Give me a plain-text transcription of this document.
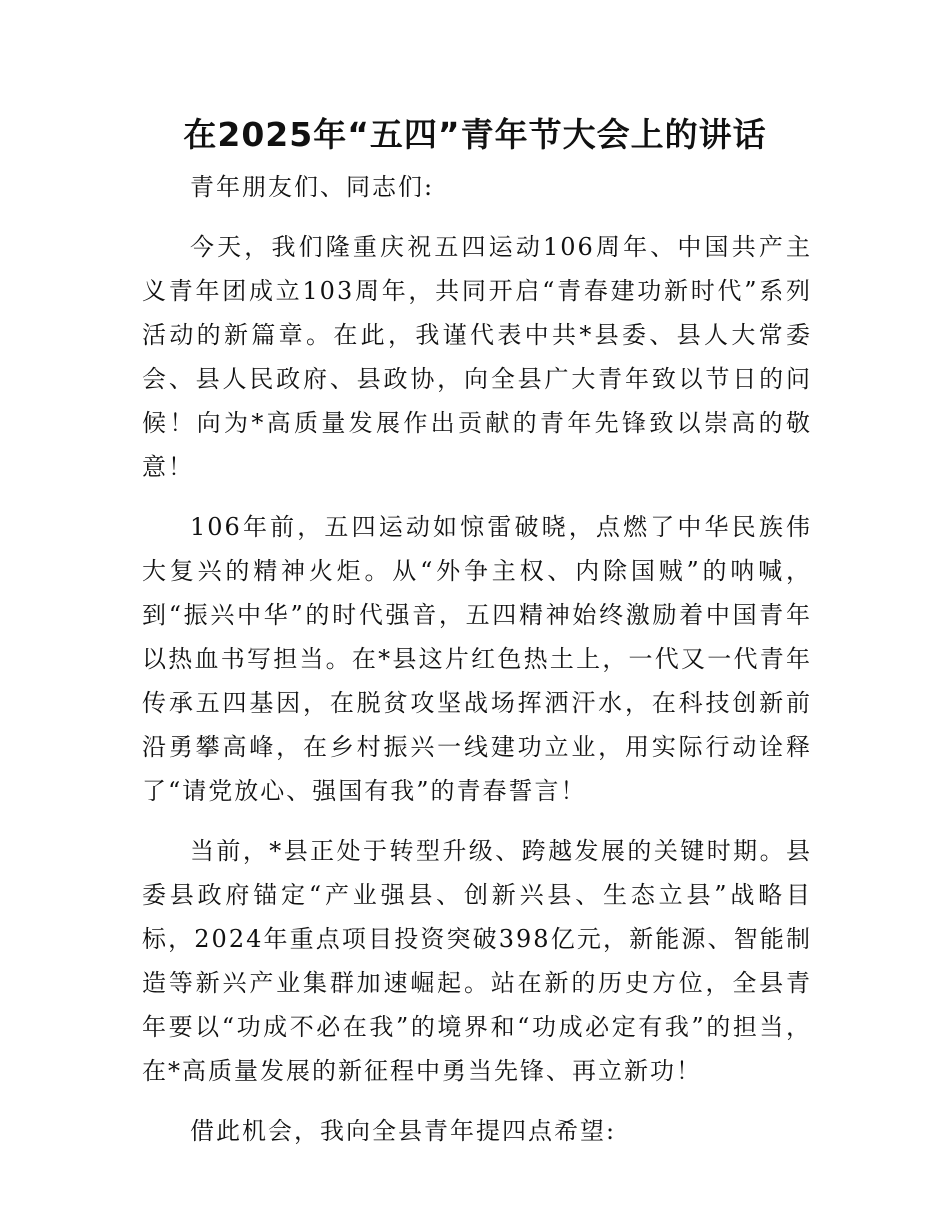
在2025年“五四”青年节大会上的讲话

青年朋友们、同志们:

今天，我们隆重庆祝五四运动106周年、中国共产主义青年团成立103周年，共同开启“青春建功新时代”系列活动的新篇章。在此，我谨代表中共*县委、县人大常委会、县人民政府、县政协，向全县广大青年致以节日的问候！向为*高质量发展作出贡献的青年先锋致以崇高的敬意！

106年前，五四运动如惊雷破晓，点燃了中华民族伟大复兴的精神火炬。从“外争主权、内除国贼”的呐喊，到“振兴中华”的时代强音，五四精神始终激励着中国青年以热血书写担当。在*县这片红色热土上，一代又一代青年传承五四基因，在脱贫攻坚战场挥洒汗水，在科技创新前沿勇攀高峰，在乡村振兴一线建功立业，用实际行动诠释了“请党放心、强国有我”的青春誓言！

当前，*县正处于转型升级、跨越发展的关键时期。县委县政府锚定“产业强县、创新兴县、生态立县”战略目标，2024年重点项目投资突破398亿元，新能源、智能制造等新兴产业集群加速崛起。站在新的历史方位，全县青年要以“功成不必在我”的境界和“功成必定有我”的担当，在*高质量发展的新征程中勇当先锋、再立新功！

借此机会，我向全县青年提四点希望:
